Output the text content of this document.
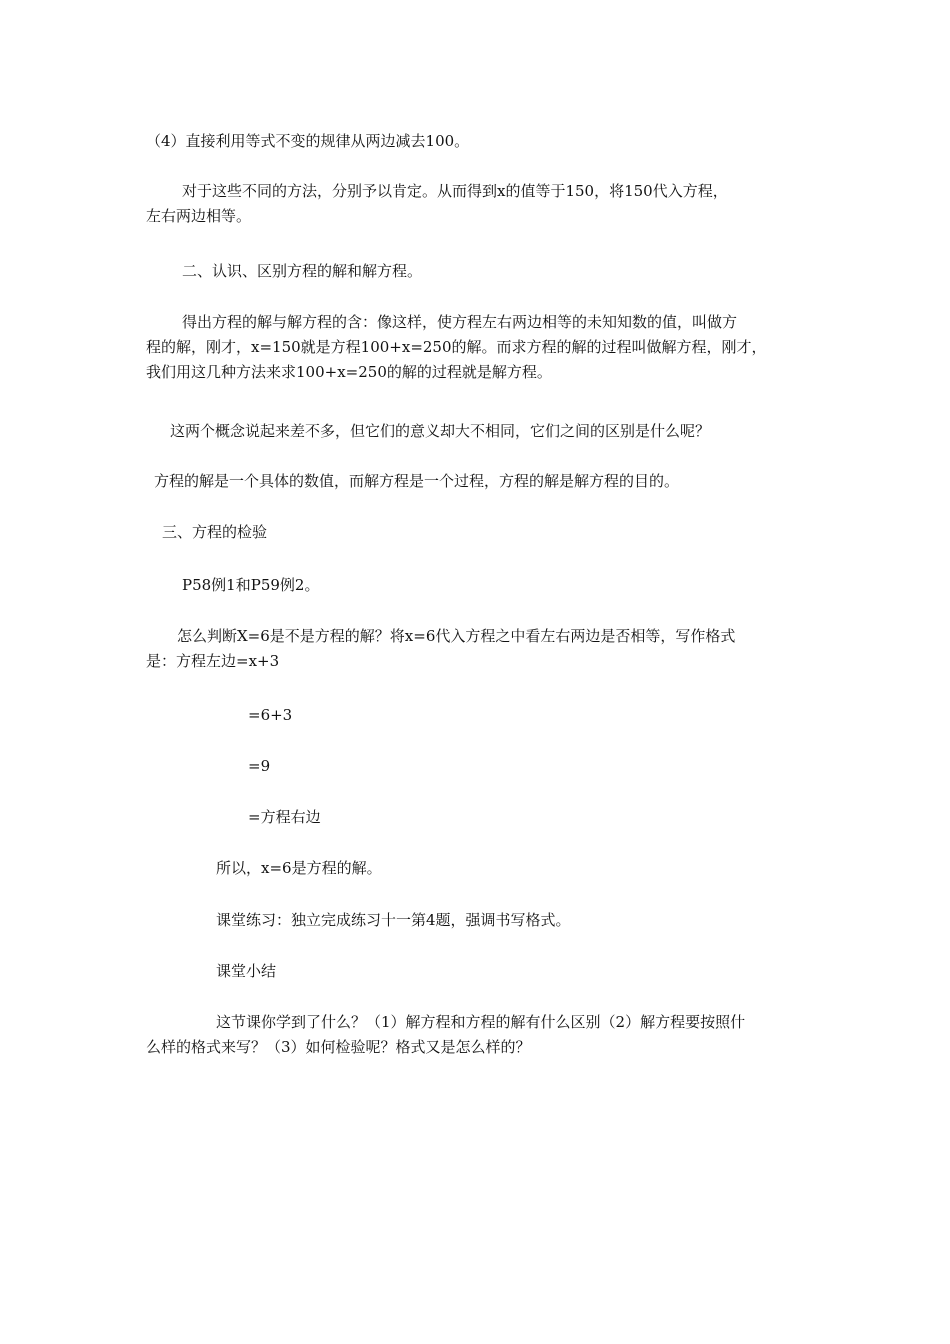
（4）直接利用等式不变的规律从两边减去100。
对于这些不同的方法，分别予以肯定。从而得到x的值等于150，将150代入方程，
左右两边相等。
二、认识、区别方程的解和解方程。
得出方程的解与解方程的含：像这样，使方程左右两边相等的未知知数的值，叫做方
程的解，刚才，x=150就是方程100+x=250的解。而求方程的解的过程叫做解方程，刚才，
我们用这几种方法来求100+x=250的解的过程就是解方程。
这两个概念说起来差不多，但它们的意义却大不相同，它们之间的区别是什么呢？
方程的解是一个具体的数值，而解方程是一个过程，方程的解是解方程的目的。
三、方程的检验
P58例1和P59例2。
怎么判断X=6是不是方程的解？将x=6代入方程之中看左右两边是否相等，写作格式
是：方程左边=x+3
=6+3
=9
=方程右边
所以，x=6是方程的解。
课堂练习：独立完成练习十一第4题，强调书写格式。
课堂小结
这节课你学到了什么？（1）解方程和方程的解有什么区别（2）解方程要按照什
么样的格式来写？（3）如何检验呢？格式又是怎么样的？
